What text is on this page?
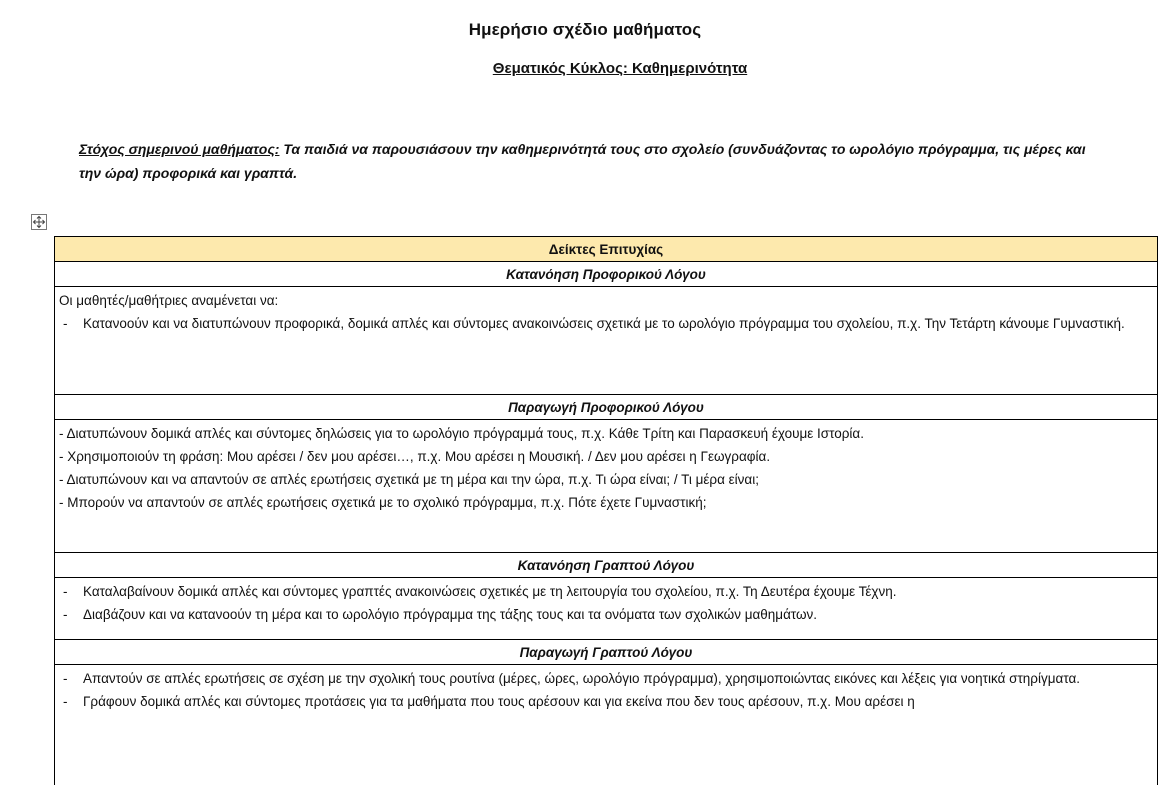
Ημερήσιο σχέδιο μαθήματος
Θεματικός Κύκλος: Καθημερινότητα
Στόχος σημερινού μαθήματος: Τα παιδιά να παρουσιάσουν την καθημερινότητά τους στο σχολείο (συνδυάζοντας το ωρολόγιο πρόγραμμα, τις μέρες και την ώρα) προφορικά και γραπτά.
Δείκτες Επιτυχίας
Κατανόηση Προφορικού Λόγου
Οι μαθητές/μαθήτριες αναμένεται να:
-	Κατανοούν και να διατυπώνουν προφορικά, δομικά απλές και σύντομες ανακοινώσεις σχετικά με το ωρολόγιο πρόγραμμα του σχολείου, π.χ. Την Τετάρτη κάνουμε Γυμναστική.
Παραγωγή Προφορικού Λόγου
- Διατυπώνουν δομικά απλές και σύντομες δηλώσεις για το ωρολόγιο πρόγραμμά τους, π.χ. Κάθε Τρίτη και Παρασκευή έχουμε Ιστορία.
- Χρησιμοποιούν τη φράση: Μου αρέσει / δεν μου αρέσει…, π.χ. Μου αρέσει η Μουσική. / Δεν μου αρέσει η Γεωγραφία.
- Διατυπώνουν και να απαντούν σε απλές ερωτήσεις σχετικά με τη μέρα και την ώρα, π.χ. Τι ώρα είναι; / Τι μέρα είναι;
- Μπορούν να απαντούν σε απλές ερωτήσεις σχετικά με το σχολικό πρόγραμμα, π.χ. Πότε έχετε Γυμναστική;
Κατανόηση Γραπτού Λόγου
-	Καταλαβαίνουν δομικά απλές και σύντομες γραπτές ανακοινώσεις σχετικές με τη λειτουργία του σχολείου, π.χ. Τη Δευτέρα έχουμε Τέχνη.
-	Διαβάζουν και να κατανοούν τη μέρα και το ωρολόγιο πρόγραμμα της τάξης τους και τα ονόματα των σχολικών μαθημάτων.
Παραγωγή Γραπτού Λόγου
-	Απαντούν σε απλές ερωτήσεις σε σχέση με την σχολική τους ρουτίνα (μέρες, ώρες, ωρολόγιο πρόγραμμα), χρησιμοποιώντας εικόνες και λέξεις για νοητικά στηρίγματα.
-	Γράφουν δομικά απλές και σύντομες προτάσεις για τα μαθήματα που τους αρέσουν και για εκείνα που δεν τους αρέσουν, π.χ. Μου αρέσει η
